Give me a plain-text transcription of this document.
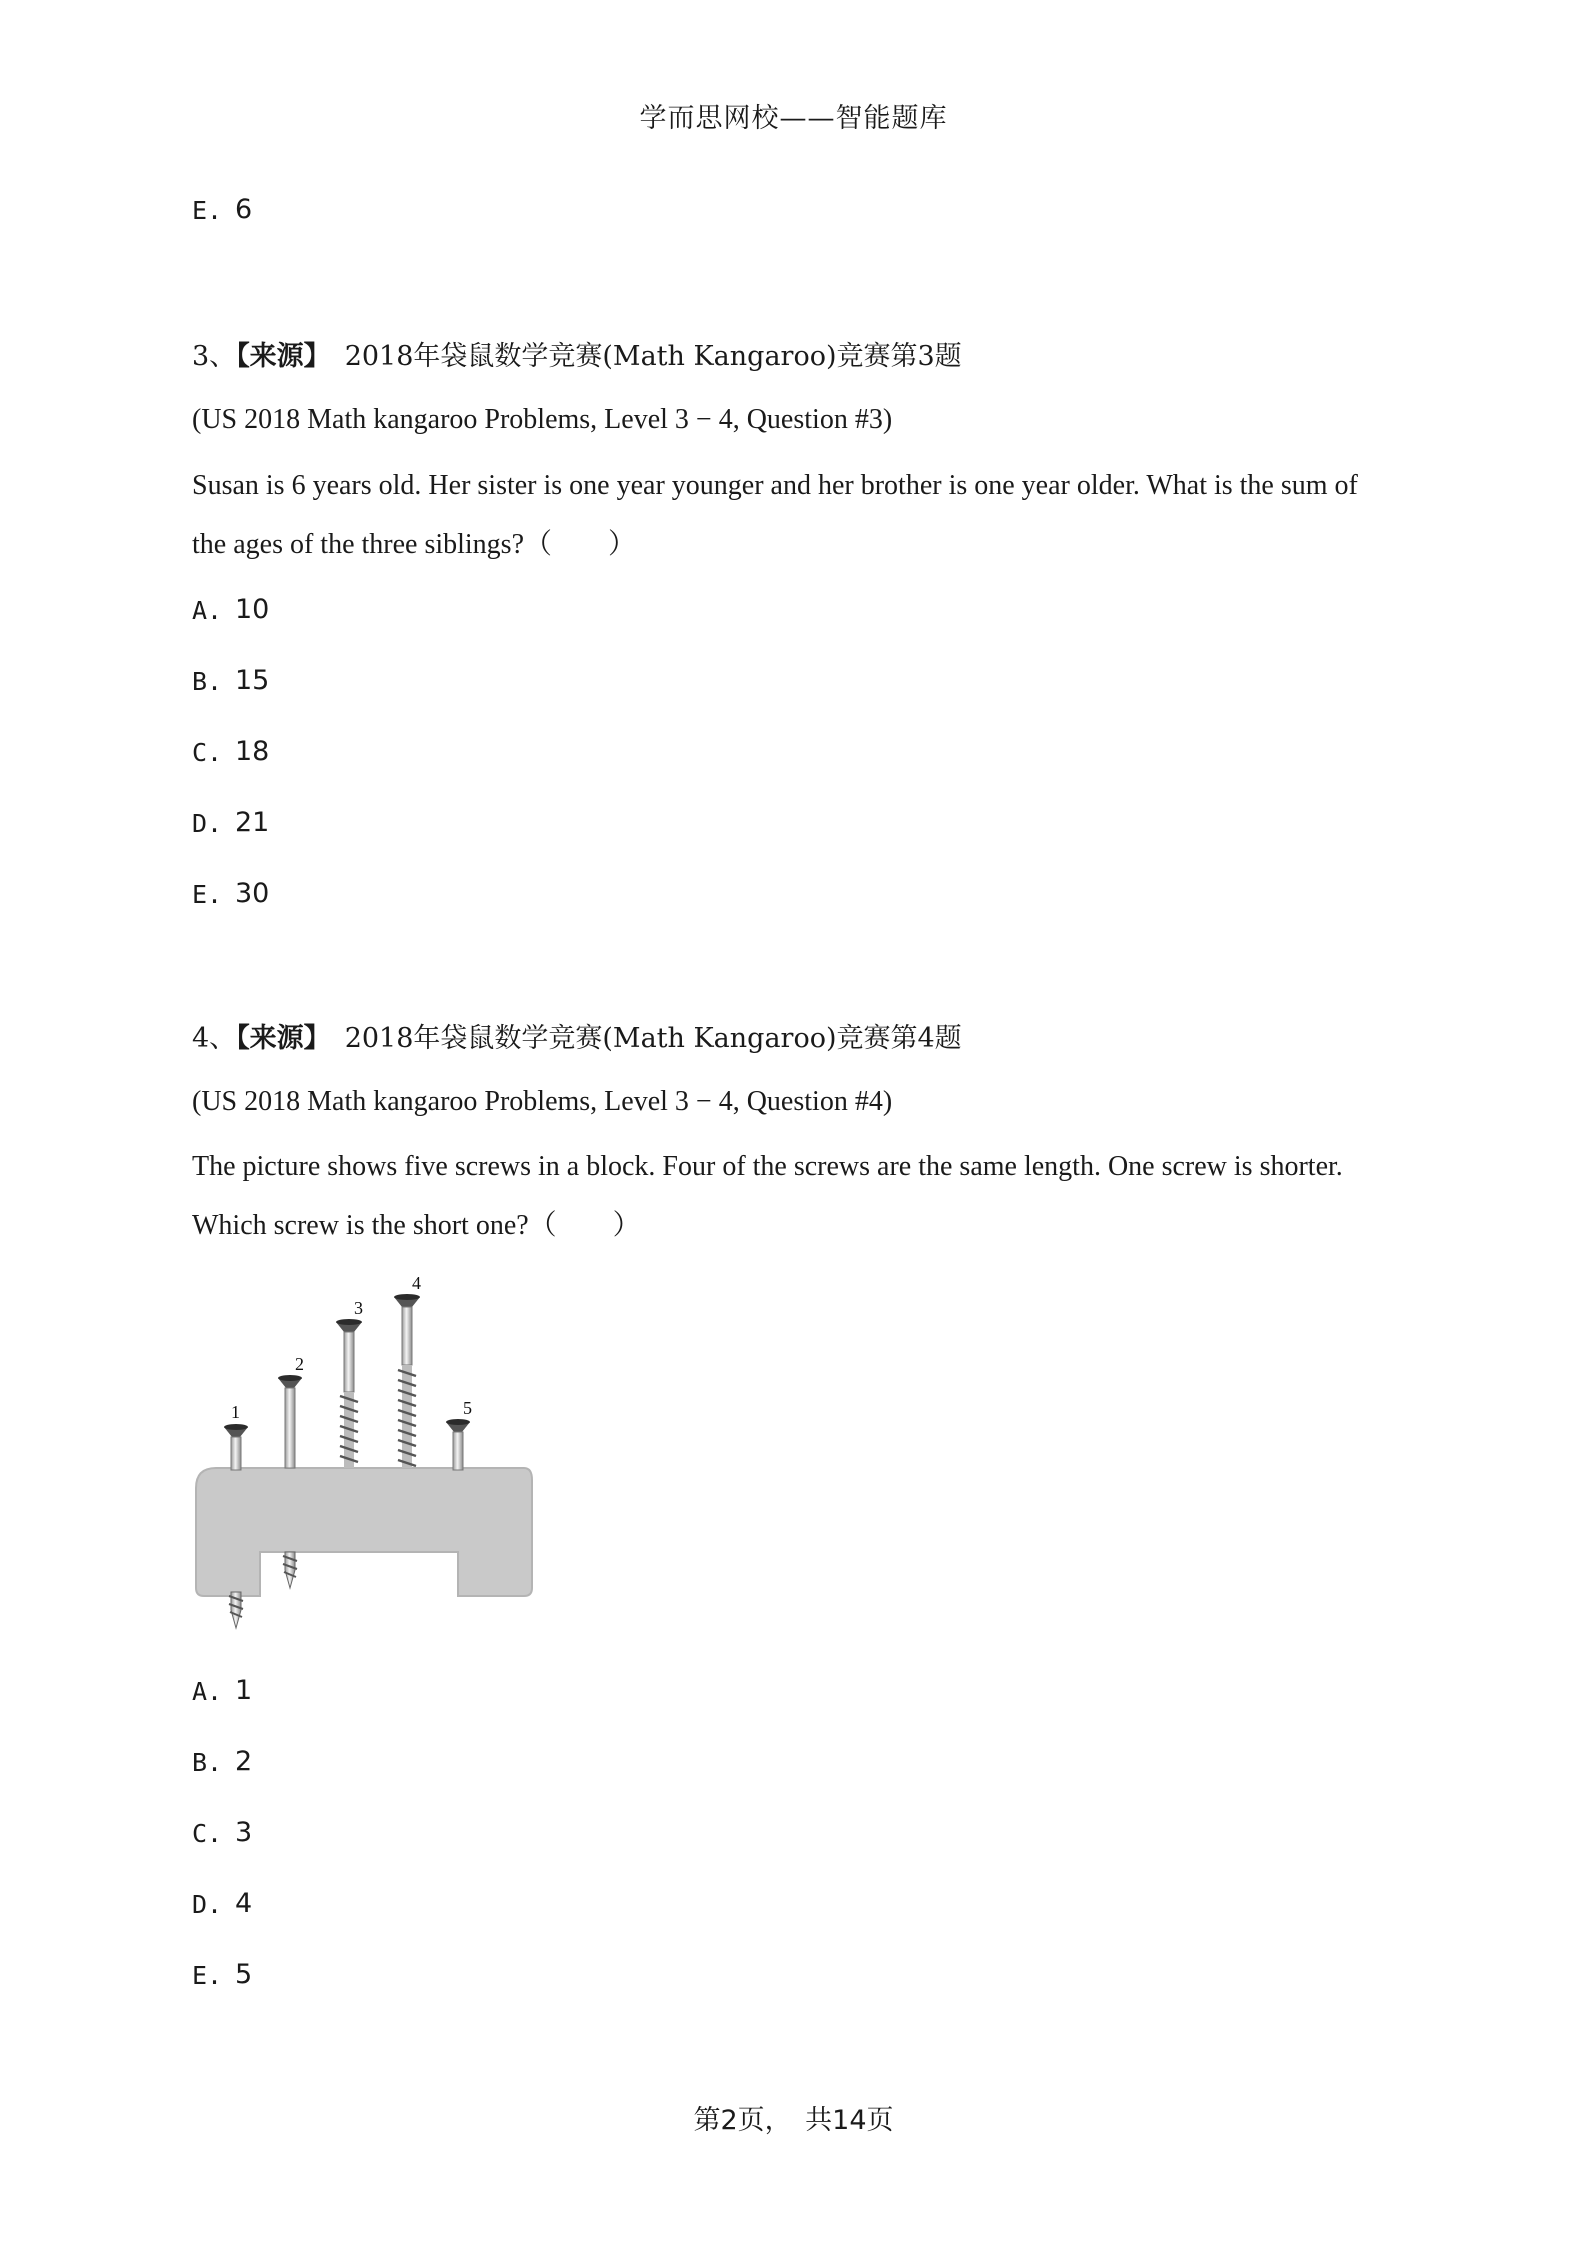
学而思网校——智能题库
E. 6
3、【来源】 2018年袋鼠数学竞赛(Math Kangaroo)竞赛第3题
(US 2018 Math kangaroo Problems, Level 3 − 4, Question #3)
Susan is 6 years old. Her sister is one year younger and her brother is one year older. What is the sum of
the ages of the three siblings?（　　）
A. 10
B. 15
C. 18
D. 21
E. 30
4、【来源】 2018年袋鼠数学竞赛(Math Kangaroo)竞赛第4题
(US 2018 Math kangaroo Problems, Level 3 − 4, Question #4)
The picture shows five screws in a block. Four of the screws are the same length. One screw is shorter.
Which screw is the short one?（　　）
1
2
3
4
5
A. 1
B. 2
C. 3
D. 4
E. 5
第2页，　共14页
